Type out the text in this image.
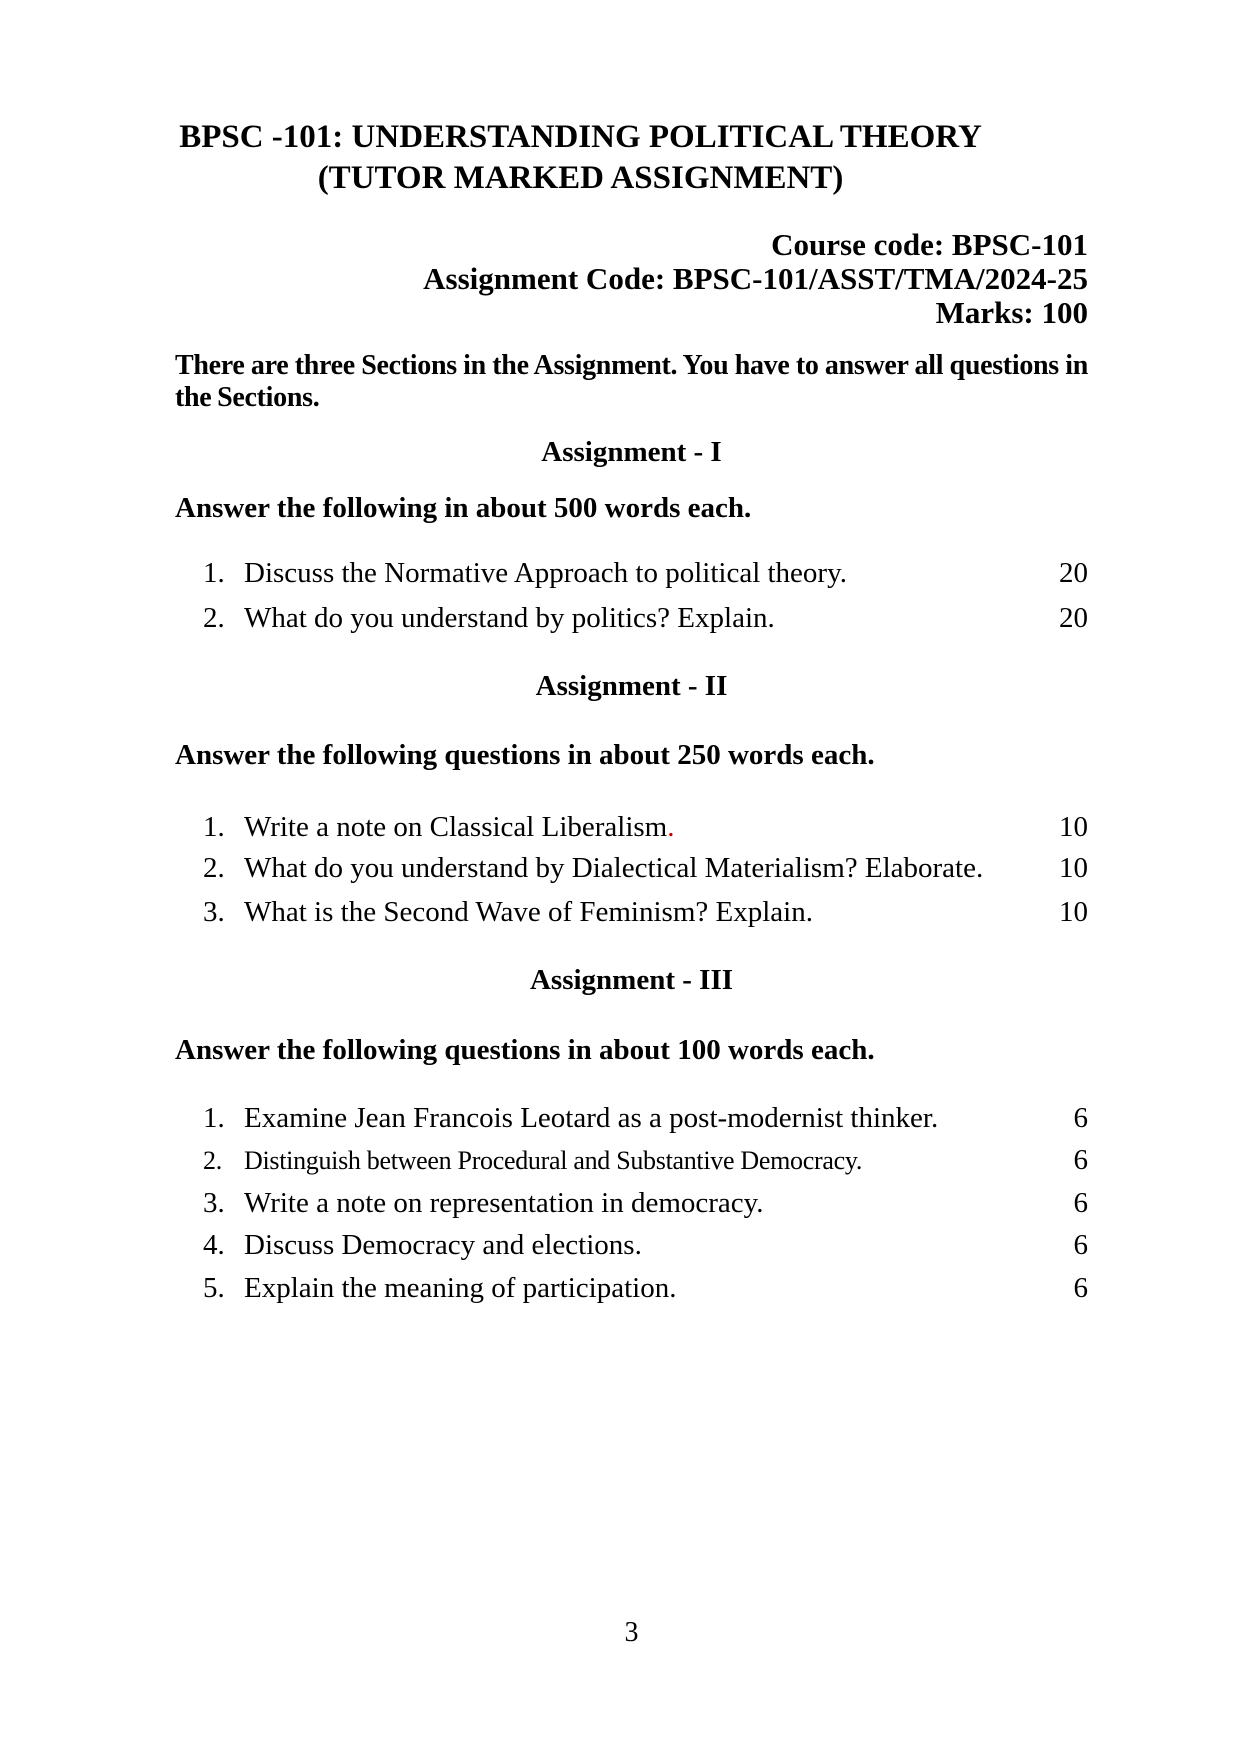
BPSC -101: UNDERSTANDING POLITICAL THEORY
(TUTOR MARKED ASSIGNMENT)
Course code: BPSC-101
Assignment Code: BPSC-101/ASST/TMA/2024-25
Marks: 100

There are three Sections in the Assignment. You have to answer all questions in the Sections.

Assignment - I

Answer the following in about 500 words each.

1. Discuss the Normative Approach to political theory.	20
2. What do you understand by politics? Explain.	20
Assignment - II

Answer the following questions in about 250 words each.

1. Write a note on Classical Liberalism .	10
2. What do you understand by Dialectical Materialism? Elaborate.	10
3. What is the Second Wave of Feminism? Explain.	10
Assignment - III

Answer the following questions in about 100 words each.

1. Examine Jean Francois Leotard as a post-modernist thinker.	6
2. Distinguish between Procedural and Substantive Democracy.	6
3. Write a note on representation in democracy.	6
4. Discuss Democracy and elections.	6
5. Explain the meaning of participation.	6
3
